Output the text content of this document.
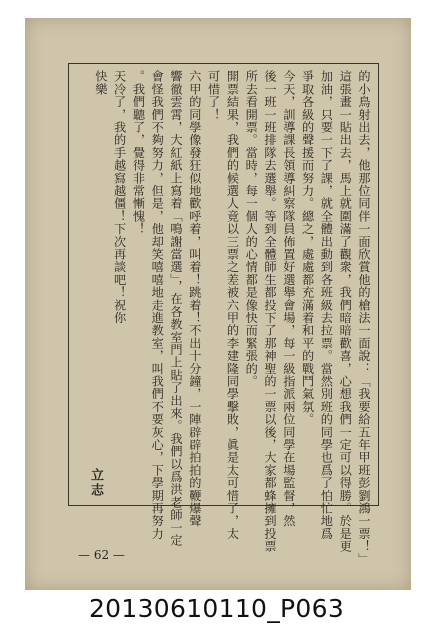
的小鳥射出去，他那位同伴一面欣賞他的槍法一面說：「我要給五年甲班彭劉鴻一票！」
這張畫一貼出去，馬上就圍滿了觀衆，我們暗暗歡喜，心想我們一定可以得勝。於是更
加油，只要一下了課，就全體出動到各班級去拉票。當然別班的同學也爲了怕忙地爲
爭取各級的聲援而努力。總之，處處都充滿着和平的戰鬥氣氛。
今天，訓導課長領導糾察隊員佈置好選舉會場，每一級指派兩位同學在場監督，然
後一班一班排隊去選舉。等到全體師生都投下了那神聖的一票以後，大家都蜂擁到投票
所去看開票。當時，每一個人的心情都是像快而緊張的。
開票結果，我們的候選人竟以三票之差被六甲的李建隆同學擊敗，眞是太可惜了，太
可惜了！
六甲的同學像發狂似地歡呼着，叫着！跳着！不出十分鐘，一陣辟辟拍拍的鞭爆聲
響徹雲霄，大紅紙上寫着「鳴謝當選」，在各教室門上貼了出來。我們以爲洪老師一定
會怪我們不夠努力，但是，他却笑嘻嘻地走進教室，叫我們不要灰心，下學期再努力
。我們聽了，覺得非常慚愧！
天冷了，我的手越寫越僵！下次再談吧！祝你
快樂
立志
— 62 —
20130610110_P063
